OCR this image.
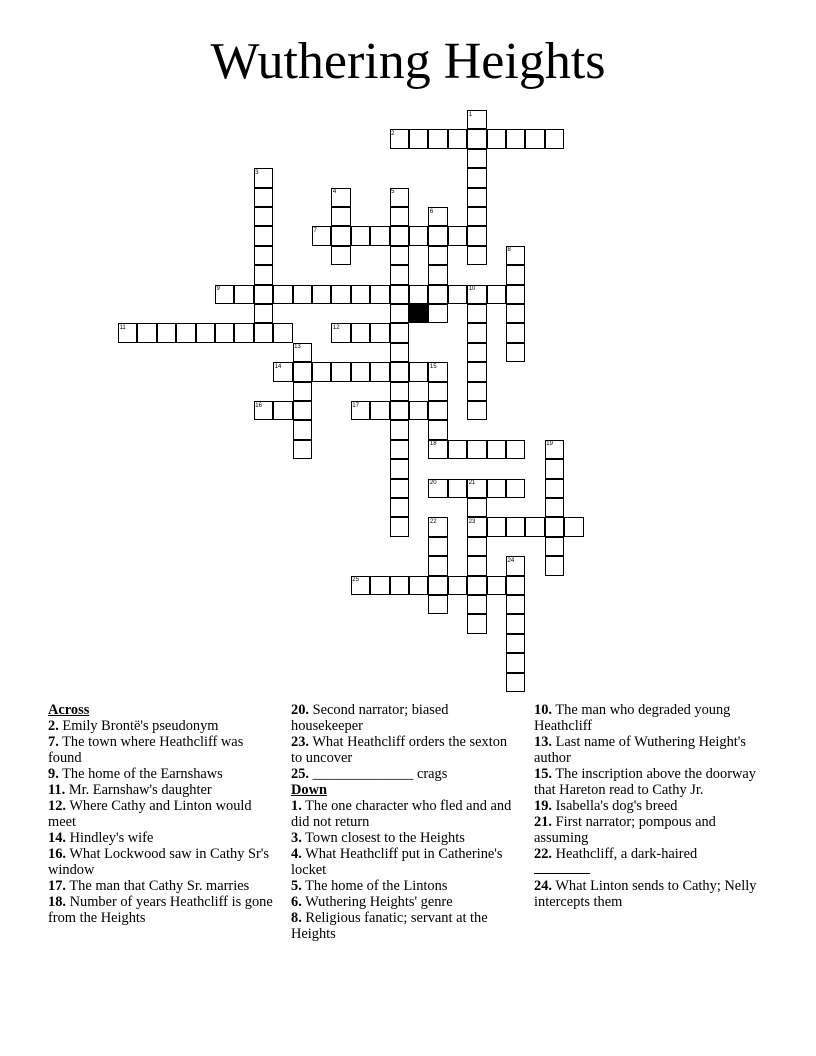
Wuthering Heights
2
7
9	10
11	12
14
16	17
18
20	21
23
25
1
3
4	5
6
8
13
15
19
22
24
Across
2. Emily Brontë's pseudonym
7. The town where Heathcliff was found
9. The home of the Earnshaws
11. Mr. Earnshaw's daughter
12. Where Cathy and Linton would meet
14. Hindley's wife
16. What Lockwood saw in Cathy Sr's window
17. The man that Cathy Sr. marries
18. Number of years Heathcliff is gone from the Heights
20. Second narrator; biased housekeeper
23. What Heathcliff orders the sexton to uncover
25. ______________ crags
Down
1. The one character who fled and and did not return
3. Town closest to the Heights
4. What Heathcliff put in Catherine's locket
5. The home of the Lintons
6. Wuthering Heights' genre
8. Religious fanatic; servant at the Heights
10. The man who degraded young Heathcliff
13. Last name of Wuthering Height's author
15. The inscription above the doorway that Hareton read to Cathy Jr.
19. Isabella's dog's breed
21. First narrator; pompous and assuming
22. Heathcliff, a dark-haired

24. What Linton sends to Cathy; Nelly intercepts them
